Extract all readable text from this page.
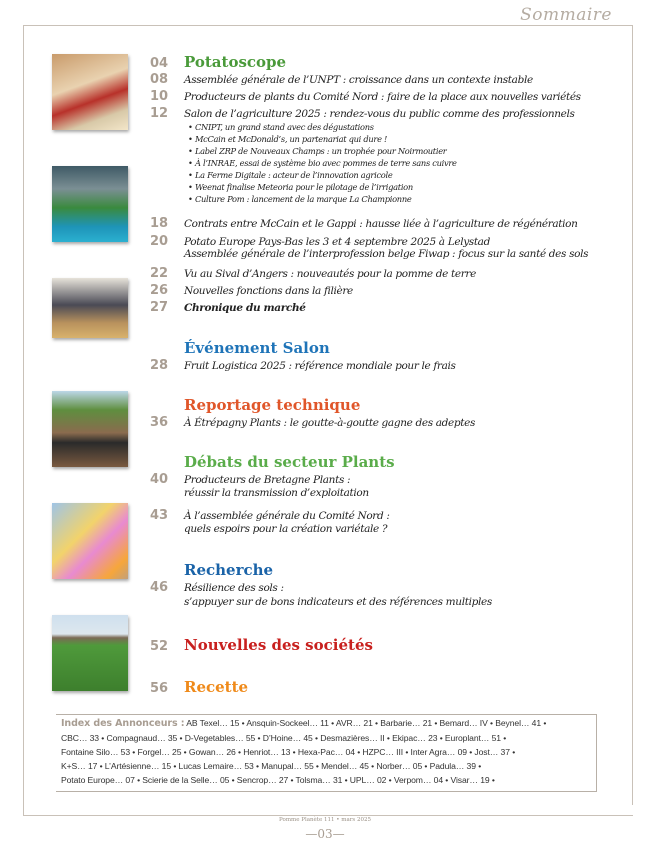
Sommaire
04	Potatoscope
08	Assemblée générale de l’UNPT : croissance dans un contexte instable
10	Producteurs de plants du Comité Nord : faire de la place aux nouvelles variétés
12	Salon de l’agriculture 2025 : rendez-vous du public comme des professionnels
• CNIPT, un grand stand avec des dégustations
• McCain et McDonald’s, un partenariat qui dure !
• Label ZRP de Nouveaux Champs : un trophée pour Noirmoutier
• À l’INRAE, essai de système bio avec pommes de terre sans cuivre
• La Ferme Digitale : acteur de l’innovation agricole
• Weenat finalise Meteoria pour le pilotage de l’irrigation
• Culture Pom : lancement de la marque La Championne
18	Contrats entre McCain et le Gappi : hausse liée à l’agriculture de régénération
20	Potato Europe Pays-Bas les 3 et 4 septembre 2025 à Lelystad
Assemblée générale de l’interprofession belge Fiwap : focus sur la santé des sols
22	Vu au Sival d’Angers : nouveautés pour la pomme de terre
26	Nouvelles fonctions dans la filière
27	Chronique du marché
Événement Salon
28	Fruit Logistica 2025 : référence mondiale pour le frais
Reportage technique
36	À Étrépagny Plants : le goutte-à-goutte gagne des adeptes
Débats du secteur Plants
40	Producteurs de Bretagne Plants :
réussir la transmission d’exploitation
43	À l’assemblée générale du Comité Nord :
quels espoirs pour la création variétale ?
Recherche
46	Résilience des sols :
s’appuyer sur de bons indicateurs et des références multiples
52	Nouvelles des sociétés
56	Recette
Index des Annonceurs : AB Texel… 15 • Ansquin-Sockeel… 11 • AVR… 21 • Barbarie… 21 • Bemard… IV • Beynel… 41 •
CBC… 33 • Compagnaud… 35 • D-Vegetables… 55 • D’Hoine… 45 • Desmazières… II • Ekipac… 23 • Europlant… 51 •
Fontaine Silo… 53 • Forgel… 25 • Gowan… 26 • Henriot… 13 • Hexa-Pac… 04 • HZPC… III • Inter Agra… 09 • Jost… 37 •
K+S… 17 • L’Artésienne… 15 • Lucas Lemaire… 53 • Manupal… 55 • Mendel… 45 • Norber… 05 • Padula… 39 •
Potato Europe… 07 • Scierie de la Selle… 05 • Sencrop… 27 • Tolsma… 31 • UPL… 02 • Verpom… 04 • Visar… 19 •
Pomme Planète 111 • mars 2025
—03—
